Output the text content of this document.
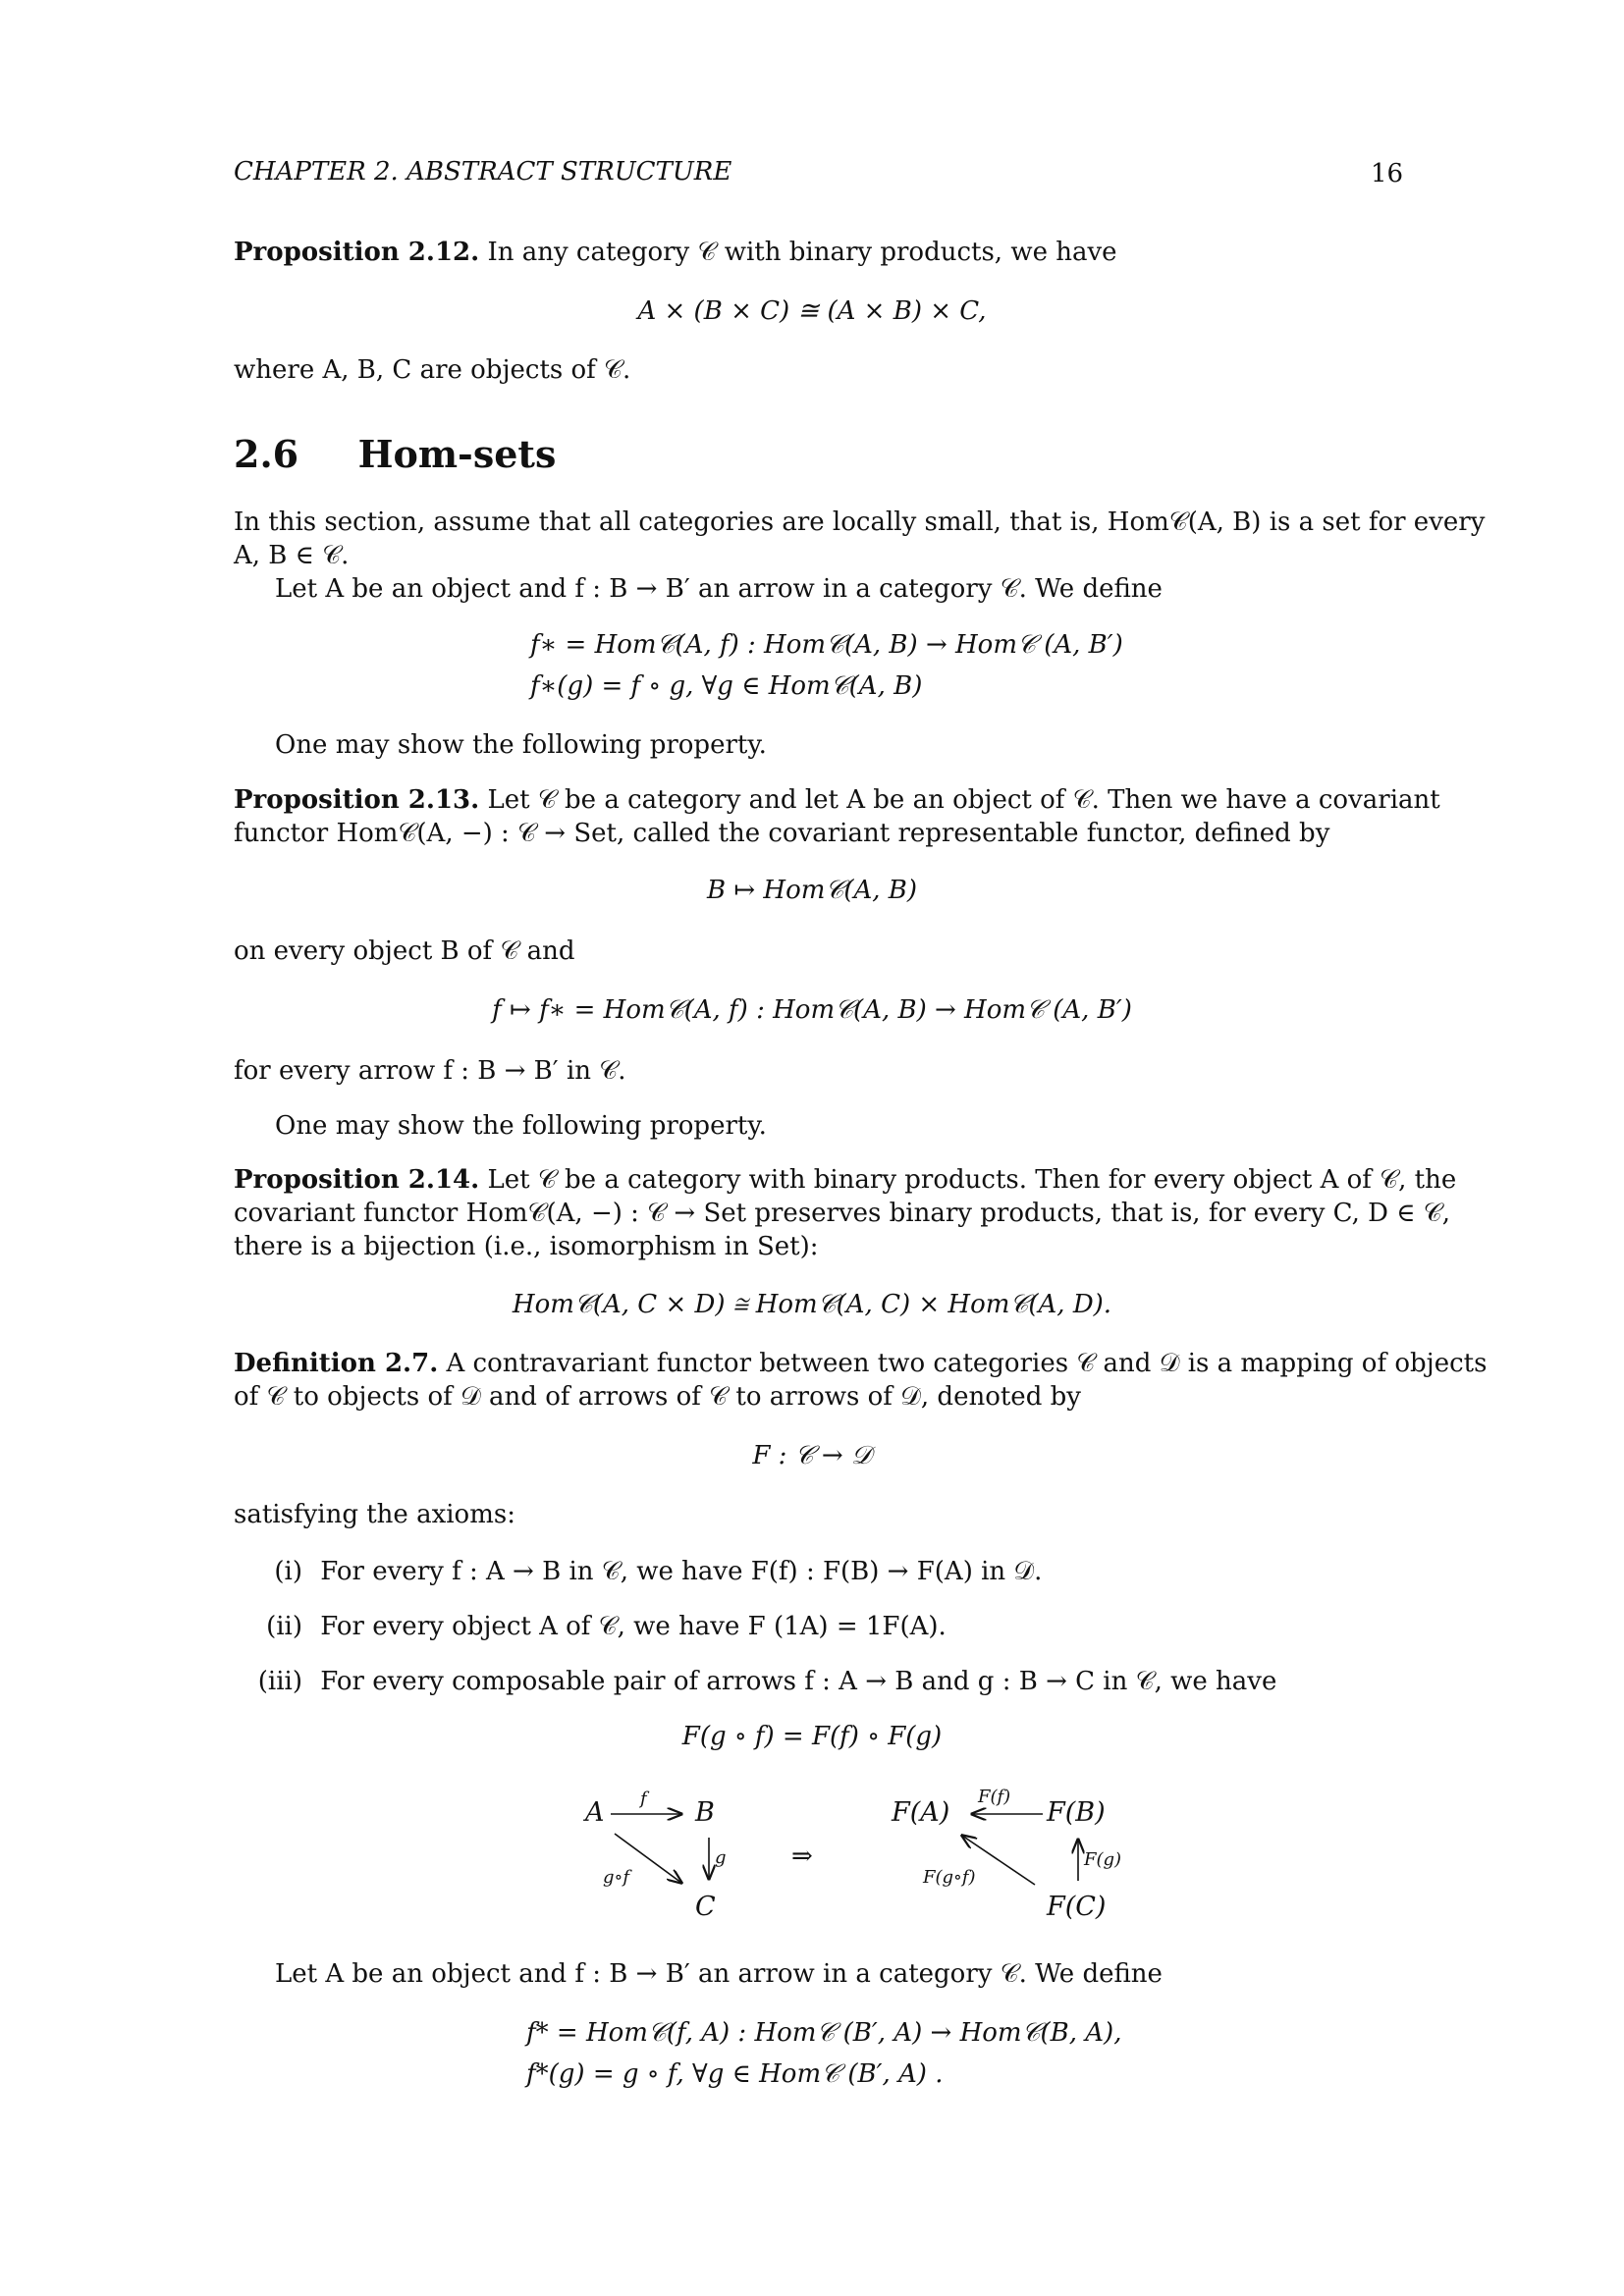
CHAPTER 2. ABSTRACT STRUCTURE	16
Proposition 2.12. In any category 𝒞 with binary products, we have
A × (B × C) ≅ (A × B) × C,
where A, B, C are objects of 𝒞.
2.6 Hom-sets
In this section, assume that all categories are locally small, that is, Hom𝒞(A, B) is a set for every
A, B ∈ 𝒞.
Let A be an object and f : B → B′ an arrow in a category 𝒞. We define
f∗ = Hom𝒞(A, f) : Hom𝒞(A, B) → Hom𝒞 (A, B′)
f∗(g) = f ∘ g, ∀g ∈ Hom𝒞(A, B)
One may show the following property.
Proposition 2.13. Let 𝒞 be a category and let A be an object of 𝒞. Then we have a covariant
functor Hom𝒞(A, −) : 𝒞 → Set, called the covariant representable functor, defined by
B ↦ Hom𝒞(A, B)
on every object B of 𝒞 and
f ↦ f∗ = Hom𝒞(A, f) : Hom𝒞(A, B) → Hom𝒞 (A, B′)
for every arrow f : B → B′ in 𝒞.
One may show the following property.
Proposition 2.14. Let 𝒞 be a category with binary products. Then for every object A of 𝒞, the
covariant functor Hom𝒞(A, −) : 𝒞 → Set preserves binary products, that is, for every C, D ∈ 𝒞,
there is a bijection (i.e., isomorphism in Set):
Hom𝒞(A, C × D) ≅ Hom𝒞(A, C) × Hom𝒞(A, D).
Definition 2.7. A contravariant functor between two categories 𝒞 and 𝒟 is a mapping of objects
of 𝒞 to objects of 𝒟 and of arrows of 𝒞 to arrows of 𝒟, denoted by
F : 𝒞 → 𝒟
satisfying the axioms:
(i) For every f : A → B in 𝒞, we have F(f) : F(B) → F(A) in 𝒟.
(ii) For every object A of 𝒞, we have F (1A) = 1F(A).
(iii) For every composable pair of arrows f : A → B and g : B → C in 𝒞, we have
F(g ∘ f) = F(f) ∘ F(g)
A	B
C
f
g
g∘f
⇒
F(A)	F(B)
F(C)
F(f)
F(g)
F(g∘f)
Let A be an object and f : B → B′ an arrow in a category 𝒞. We define
f* = Hom𝒞(f, A) : Hom𝒞 (B′, A) → Hom𝒞(B, A),
f*(g) = g ∘ f, ∀g ∈ Hom𝒞 (B′, A) .
